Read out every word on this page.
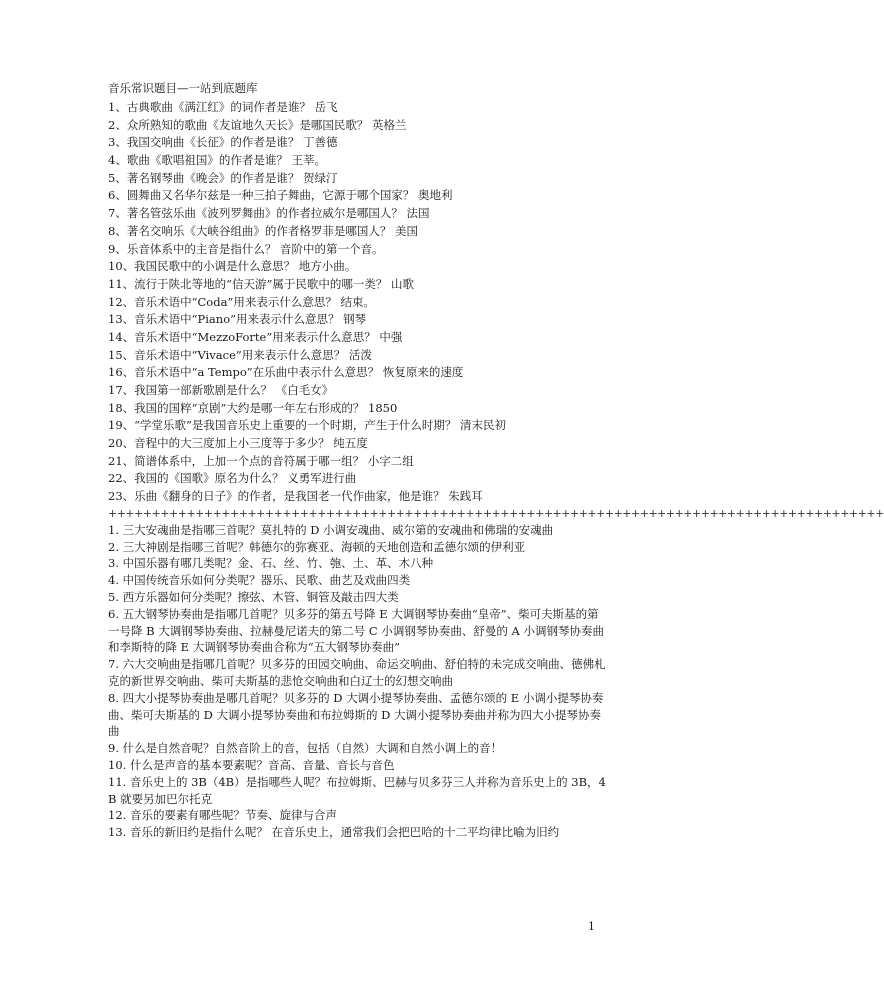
音乐常识题目—一站到底题库
1、古典歌曲《满江红》的词作者是谁？ 岳飞
2、众所熟知的歌曲《友谊地久天长》是哪国民歌？ 英格兰
3、我国交响曲《长征》的作者是谁？ 丁善德
4、歌曲《歌唱祖国》的作者是谁？ 王莘。
5、著名钢琴曲《晚会》的作者是谁？ 贺绿汀
6、圆舞曲又名华尔兹是一种三拍子舞曲，它源于哪个国家？ 奥地利
7、著名管弦乐曲《波列罗舞曲》的作者拉威尔是哪国人？ 法国
8、著名交响乐《大峡谷组曲》的作者格罗菲是哪国人？ 美国
9、乐音体系中的主音是指什么？ 音阶中的第一个音。
10、我国民歌中的小调是什么意思？ 地方小曲。
11、流行于陕北等地的“信天游”属于民歌中的哪一类？ 山歌
12、音乐术语中“Coda”用来表示什么意思？ 结束。
13、音乐术语中“Piano”用来表示什么意思？ 钢琴
14、音乐术语中“MezzoForte”用来表示什么意思？ 中强
15、音乐术语中“Vivace”用来表示什么意思？ 活泼
16、音乐术语中“a Tempo”在乐曲中表示什么意思？ 恢复原来的速度
17、我国第一部新歌剧是什么？ 《白毛女》
18、我国的国粹“京剧”大约是哪一年左右形成的？ 1850
19、“学堂乐歌”是我国音乐史上重要的一个时期，产生于什么时期？ 清末民初
20、音程中的大三度加上小三度等于多少？ 纯五度
21、简谱体系中，上加一个点的音符属于哪一组？ 小字二组
22、我国的《国歌》原名为什么？ 义勇军进行曲
23、乐曲《翻身的日子》的作者，是我国老一代作曲家，他是谁？ 朱践耳
+++++++++++++++++++++++++++++++++++++++++++++++++++++++++++++++++++++++++++++++++++++++++
1. 三大安魂曲是指哪三首呢？莫扎特的 D 小调安魂曲、威尔第的安魂曲和佛瑞的安魂曲
2. 三大神剧是指哪三首呢？韩德尔的弥赛亚、海顿的天地创造和孟德尔颂的伊利亚
3. 中国乐器有哪几类呢？金、石、丝、竹、匏、土、革、木八种
4. 中国传统音乐如何分类呢？器乐、民歌、曲艺及戏曲四类
5. 西方乐器如何分类呢？擦弦、木管、铜管及敲击四大类
6. 五大钢琴协奏曲是指哪几首呢？贝多芬的第五号降 E 大调钢琴协奏曲“皇帝”、柴可夫斯基的第一号降 B 大调钢琴协奏曲、拉赫曼尼诺夫的第二号 C 小调钢琴协奏曲、舒曼的 A 小调钢琴协奏曲和李斯特的降 E 大调钢琴协奏曲合称为“五大钢琴协奏曲”
7. 六大交响曲是指哪几首呢？贝多芬的田园交响曲、命运交响曲、舒伯特的未完成交响曲、德佛札克的新世界交响曲、柴可夫斯基的悲怆交响曲和白辽士的幻想交响曲
8. 四大小提琴协奏曲是哪几首呢？贝多芬的 D 大调小提琴协奏曲、孟德尔颂的 E 小调小提琴协奏曲、柴可夫斯基的 D 大调小提琴协奏曲和布拉姆斯的 D 大调小提琴协奏曲并称为四大小提琴协奏曲
9. 什么是自然音呢？自然音阶上的音，包括（自然）大调和自然小调上的音！
10. 什么是声音的基本要素呢？音高、音量、音长与音色
11. 音乐史上的 3B（4B）是指哪些人呢？布拉姆斯、巴赫与贝多芬三人并称为音乐史上的 3B，4B 就要另加巴尔托克
12. 音乐的要素有哪些呢？节奏、旋律与合声
13. 音乐的新旧约是指什么呢？ 在音乐史上，通常我们会把巴哈的十二平均律比喻为旧约
1
